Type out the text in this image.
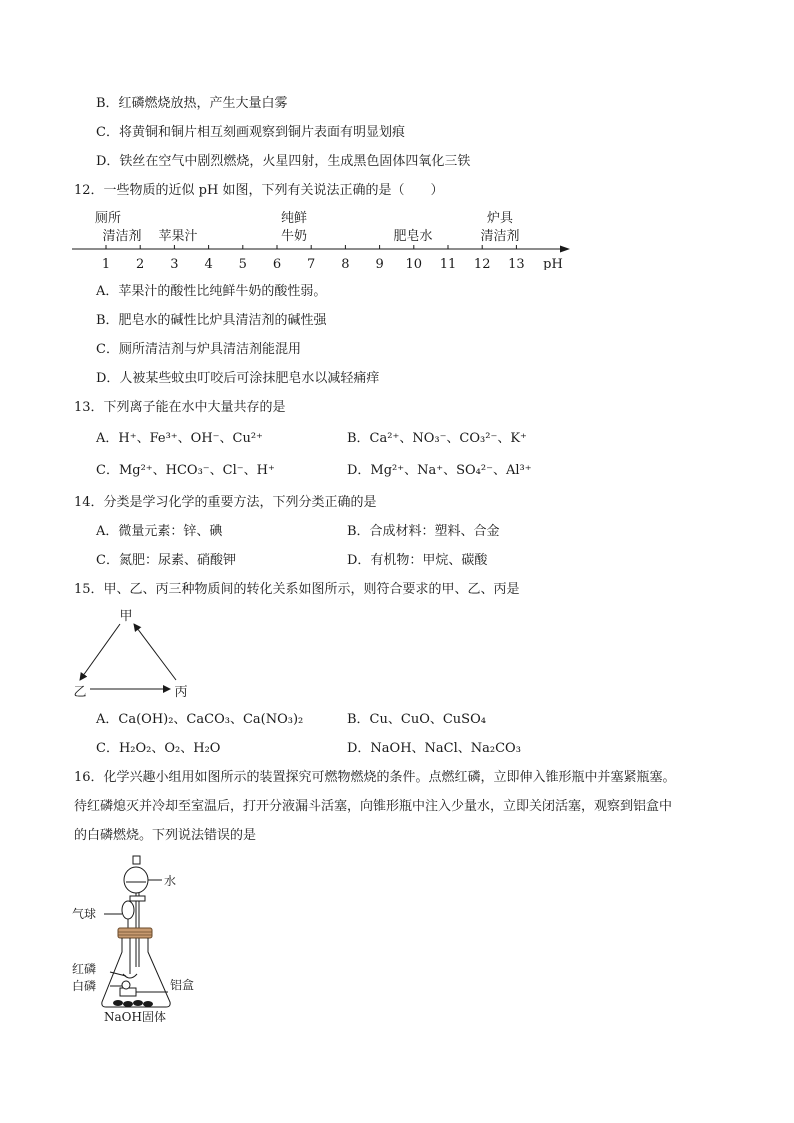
B．红磷燃烧放热，产生大量白雾
C．将黄铜和铜片相互刻画观察到铜片表面有明显划痕
D．铁丝在空气中剧烈燃烧，火星四射，生成黑色固体四氧化三铁
12．一些物质的近似 pH 如图，下列有关说法正确的是（　　）
厕所
清洁剂 苹果汁
纯鲜
牛奶	肥皂水
炉具
清洁剂
1 2 3 4 5 6 7 8 9 10 11 12 13 pH
A．苹果汁的酸性比纯鲜牛奶的酸性弱。
B．肥皂水的碱性比炉具清洁剂的碱性强
C．厕所清洁剂与炉具清洁剂能混用
D．人被某些蚊虫叮咬后可涂抹肥皂水以减轻痛痒
13．下列离子能在水中大量共存的是
A．H⁺、Fe³⁺、OH⁻、Cu²⁺	B．Ca²⁺、NO₃⁻、CO₃²⁻、K⁺
C．Mg²⁺、HCO₃⁻、Cl⁻、H⁺	D．Mg²⁺、Na⁺、SO₄²⁻、Al³⁺
14．分类是学习化学的重要方法，下列分类正确的是
A．微量元素：锌、碘	B．合成材料：塑料、合金
C．氮肥：尿素、硝酸钾	D．有机物：甲烷、碳酸
15．甲、乙、丙三种物质间的转化关系如图所示，则符合要求的甲、乙、丙是
甲
乙	丙
A．Ca(OH)₂、CaCO₃、Ca(NO₃)₂	B．Cu、CuO、CuSO₄
C．H₂O₂、O₂、H₂O	D．NaOH、NaCl、Na₂CO₃
16．化学兴趣小组用如图所示的装置探究可燃物燃烧的条件。点燃红磷，立即伸入锥形瓶中并塞紧瓶塞。
待红磷熄灭并冷却至室温后，打开分液漏斗活塞，向锥形瓶中注入少量水，立即关闭活塞，观察到铝盒中
的白磷燃烧。下列说法错误的是
水
气球
红磷
白磷	铝盒
NaOH固体
